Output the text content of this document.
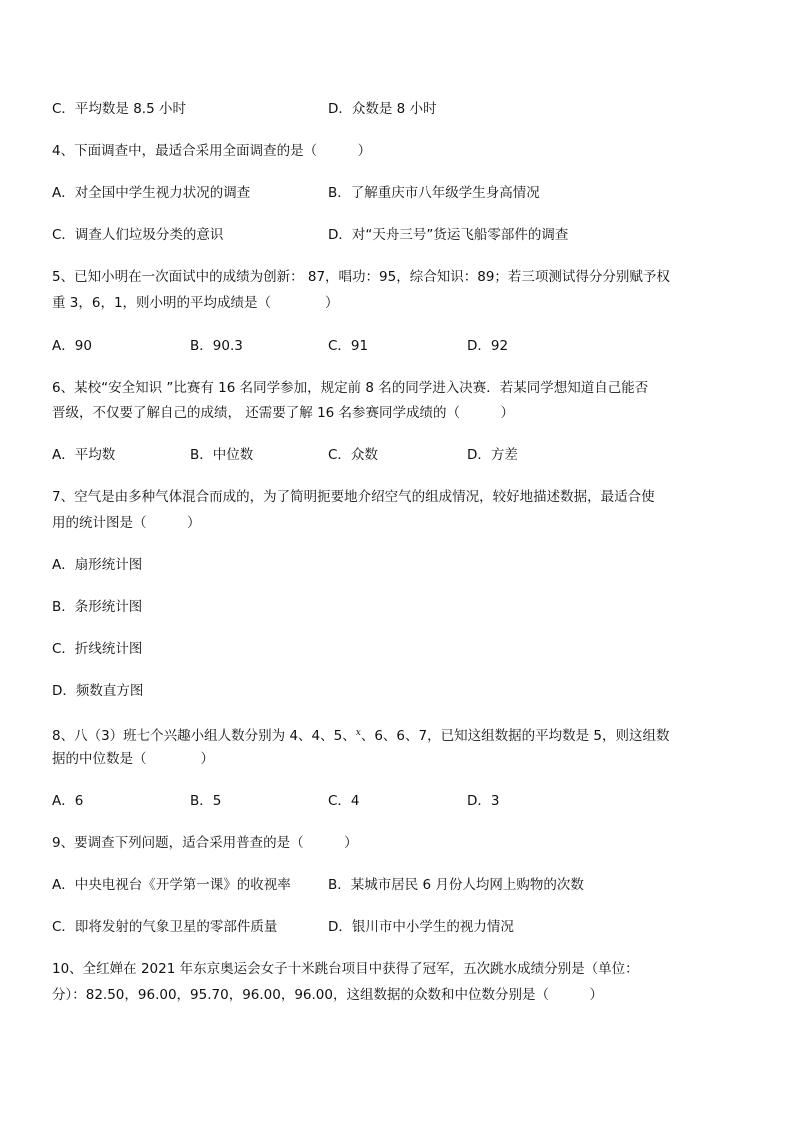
C．平均数是 8.5 小时	D．众数是 8 小时
4、下面调查中，最适合采用全面调查的是（　　　）
A．对全国中学生视力状况的调查	B．了解重庆市八年级学生身高情况
C．调查人们垃圾分类的意识	D．对“天舟三号”货运飞船零部件的调查
5、已知小明在一次面试中的成绩为创新： 87，唱功：95，综合知识：89；若三项测试得分分别赋予权
重 3，6，1，则小明的平均成绩是（　　　　）
A．90	B．90.3	C．91	D．92
6、某校“安全知识 ”比赛有 16 名同学参加，规定前 8 名的同学进入决赛．若某同学想知道自己能否
晋级，不仅要了解自己的成绩， 还需要了解 16 名参赛同学成绩的（　　　）
A．平均数	B．中位数	C．众数	D．方差
7、空气是由多种气体混合而成的，为了简明扼要地介绍空气的组成情况，较好地描述数据，最适合使
用的统计图是（　　　）
A．扇形统计图
B．条形统计图
C．折线统计图
D．频数直方图
8、八（3）班七个兴趣小组人数分别为 4、4、5、$^x$、6、6、7，已知这组数据的平均数是 5，则这组数
据的中位数是（　　　　）
A．6	B．5	C．4	D．3
9、要调查下列问题，适合采用普查的是（　　　）
A．中央电视台《开学第一课》的收视率	B．某城市居民 6 月份人均网上购物的次数
C．即将发射的气象卫星的零部件质量	D．银川市中小学生的视力情况
10、全红婵在 2021 年东京奥运会女子十米跳台项目中获得了冠军，五次跳水成绩分别是（单位：
分）：82.50，96.00，95.70，96.00，96.00，这组数据的众数和中位数分别是（　　　）
